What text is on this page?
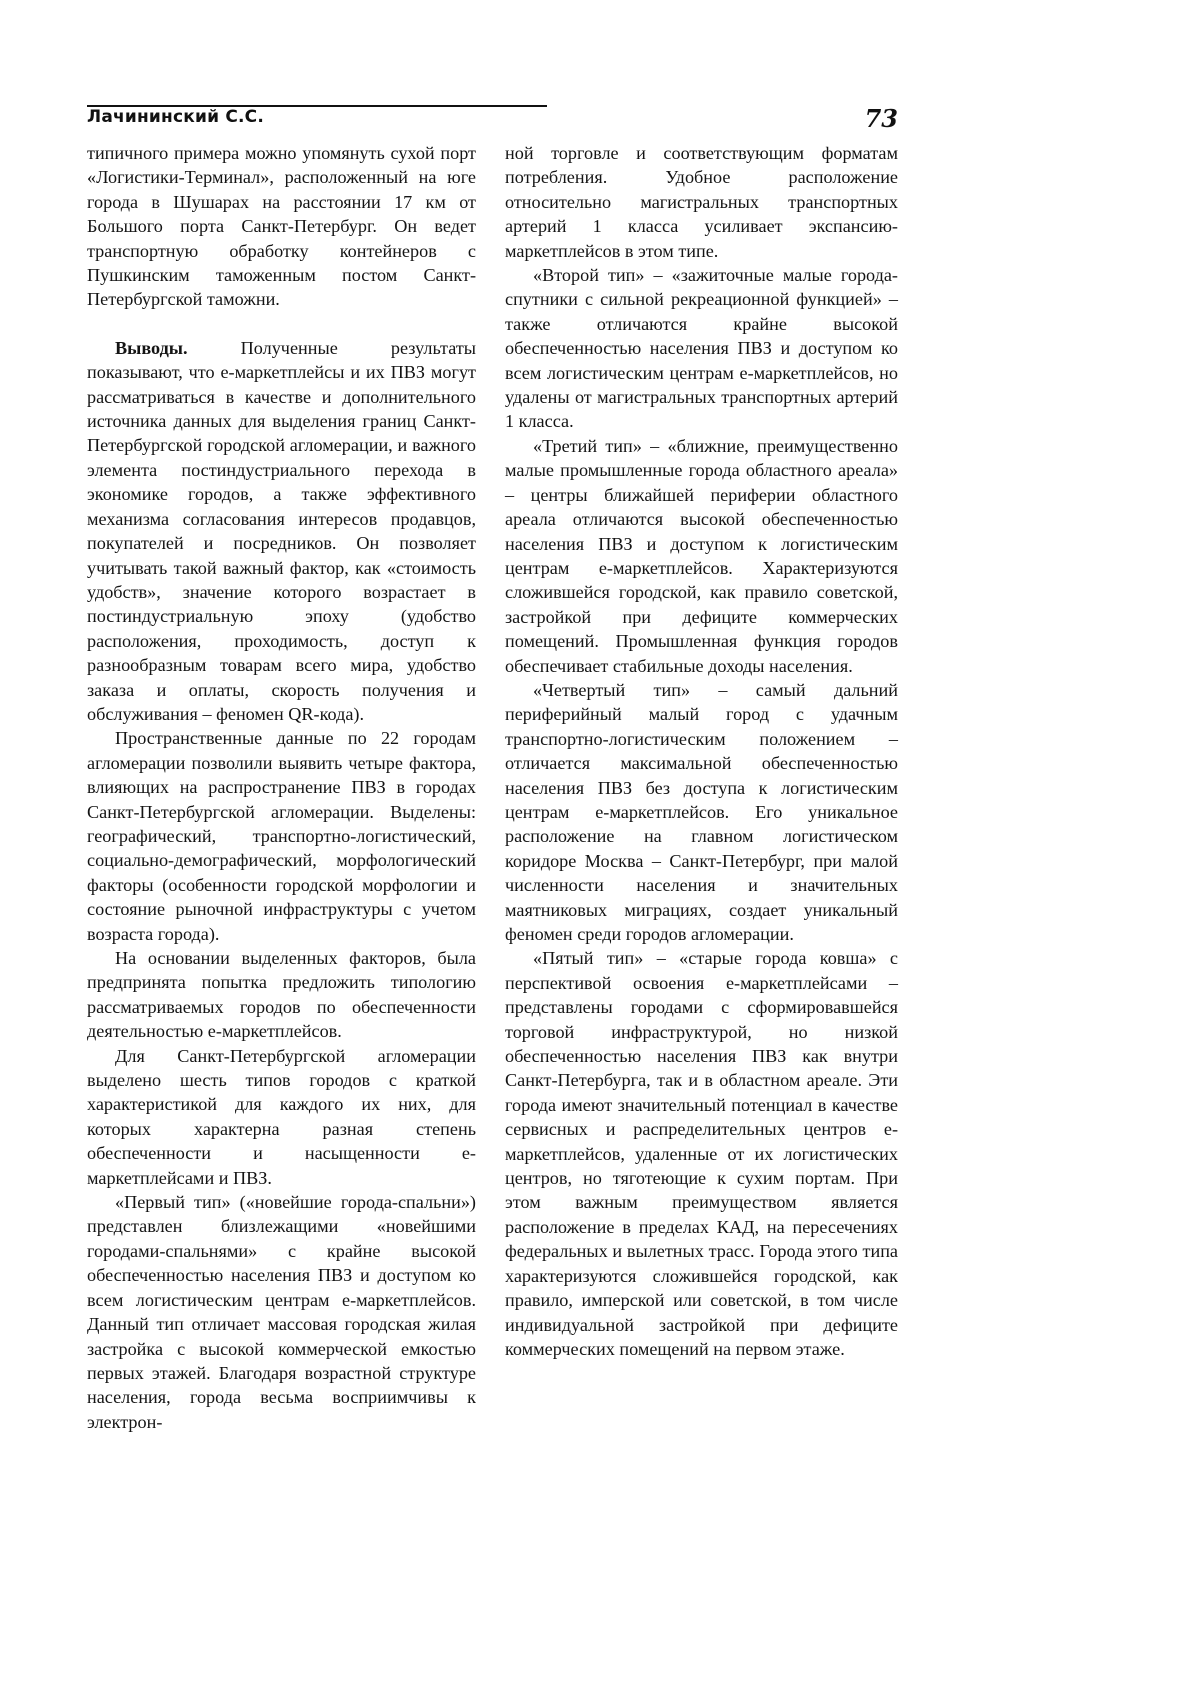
Лачининский С.С.	73

типичного примера можно упомянуть сухой порт «Логистики-Терминал», расположенный на юге города в Шушарах на расстоянии 17 км от Большого порта Санкт-Петербург. Он ведет транспортную обработку контейнеров с Пушкинским таможенным постом Санкт-Петербургской таможни.

Выводы. Полученные результаты показывают, что е-маркетплейсы и их ПВЗ могут рассматриваться в качестве и дополнительного источника данных для выделения границ Санкт-Петербургской городской агломерации, и важного элемента постиндустриального перехода в экономике городов, а также эффективного механизма согласования интересов продавцов, покупателей и посредников. Он позволяет учитывать такой важный фактор, как «стоимость удобств», значение которого возрастает в постиндустриальную эпоху (удобство расположения, проходимость, доступ к разнообразным товарам всего мира, удобство заказа и оплаты, скорость получения и обслуживания – феномен QR-кода).

Пространственные данные по 22 городам агломерации позволили выявить четыре фактора, влияющих на распространение ПВЗ в городах Санкт-Петербургской агломерации. Выделены: географический, транспортно-логистический, социально-демографический, морфологический факторы (особенности городской морфологии и состояние рыночной инфраструктуры с учетом возраста города).

На основании выделенных факторов, была предпринята попытка предложить типологию рассматриваемых городов по обеспеченности деятельностью е-маркетплейсов.

Для Санкт-Петербургской агломерации выделено шесть типов городов с краткой характеристикой для каждого их них, для которых характерна разная степень обеспеченности и насыщенности е-маркетплейсами и ПВЗ.

«Первый тип» («новейшие города-спальни») представлен близлежащими «новейшими городами-спальнями» с крайне высокой обеспеченностью населения ПВЗ и доступом ко всем логистическим центрам е-маркетплейсов. Данный тип отличает массовая городская жилая застройка с высокой коммерческой емкостью первых этажей. Благодаря возрастной структуре населения, города весьма восприимчивы к электрон-

ной торговле и соответствующим форматам потребления. Удобное расположение относительно магистральных транспортных артерий 1 класса усиливает экспансию-маркетплейсов в этом типе.

«Второй тип» – «зажиточные малые города-спутники с сильной рекреационной функцией» – также отличаются крайне высокой обеспеченностью населения ПВЗ и доступом ко всем логистическим центрам е-маркетплейсов, но удалены от магистральных транспортных артерий 1 класса.

«Третий тип» – «ближние, преимущественно малые промышленные города областного ареала» – центры ближайшей периферии областного ареала отличаются высокой обеспеченностью населения ПВЗ и доступом к логистическим центрам е-маркетплейсов. Характеризуются сложившейся городской, как правило советской, застройкой при дефиците коммерческих помещений. Промышленная функция городов обеспечивает стабильные доходы населения.

«Четвертый тип» – самый дальний периферийный малый город с удачным транспортно-логистическим положением – отличается максимальной обеспеченностью населения ПВЗ без доступа к логистическим центрам е-маркетплейсов. Его уникальное расположение на главном логистическом коридоре Москва – Санкт-Петербург, при малой численности населения и значительных маятниковых миграциях, создает уникальный феномен среди городов агломерации.

«Пятый тип» – «старые города ковша» с перспективой освоения е-маркетплейсами – представлены городами с сформировавшейся торговой инфраструктурой, но низкой обеспеченностью населения ПВЗ как внутри Санкт-Петербурга, так и в областном ареале. Эти города имеют значительный потенциал в качестве сервисных и распределительных центров е-маркетплейсов, удаленные от их логистических центров, но тяготеющие к сухим портам. При этом важным преимуществом является расположение в пределах КАД, на пересечениях федеральных и вылетных трасс. Города этого типа характеризуются сложившейся городской, как правило, имперской или советской, в том числе индивидуальной застройкой при дефиците коммерческих помещений на первом этаже.
